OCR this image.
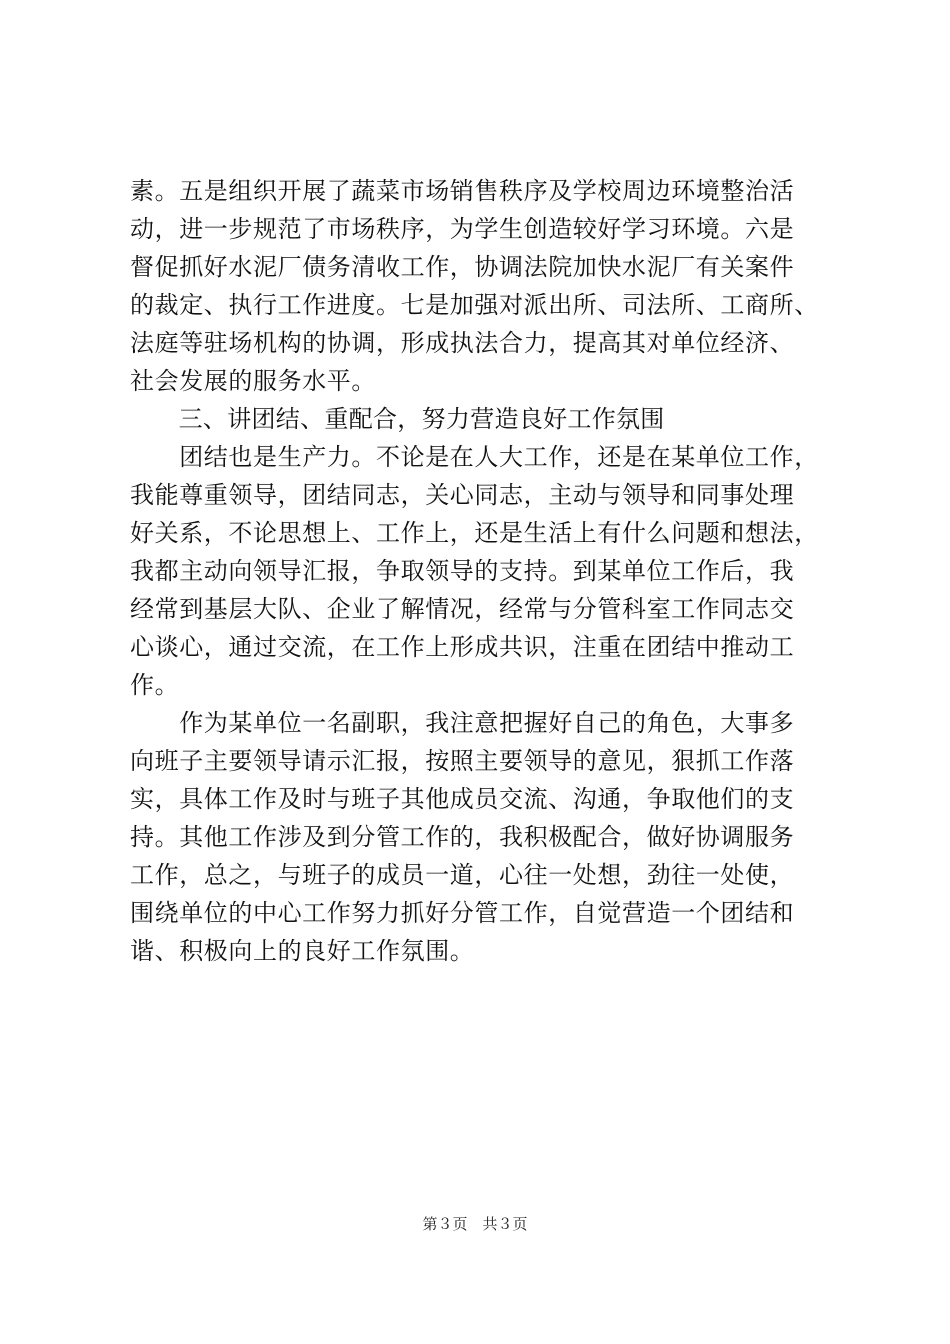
素。五是组织开展了蔬菜市场销售秩序及学校周边环境整治活
动，进一步规范了市场秩序，为学生创造较好学习环境。六是
督促抓好水泥厂债务清收工作，协调法院加快水泥厂有关案件
的裁定、执行工作进度。七是加强对派出所、司法所、工商所、
法庭等驻场机构的协调，形成执法合力，提高其对单位经济、
社会发展的服务水平。
　　三、讲团结、重配合，努力营造良好工作氛围
　　团结也是生产力。不论是在人大工作，还是在某单位工作，
我能尊重领导，团结同志，关心同志，主动与领导和同事处理
好关系，不论思想上、工作上，还是生活上有什么问题和想法，
我都主动向领导汇报，争取领导的支持。到某单位工作后，我
经常到基层大队、企业了解情况，经常与分管科室工作同志交
心谈心，通过交流，在工作上形成共识，注重在团结中推动工
作。
　　作为某单位一名副职，我注意把握好自己的角色，大事多
向班子主要领导请示汇报，按照主要领导的意见，狠抓工作落
实，具体工作及时与班子其他成员交流、沟通，争取他们的支
持。其他工作涉及到分管工作的，我积极配合，做好协调服务
工作，总之，与班子的成员一道，心往一处想，劲往一处使，
围绕单位的中心工作努力抓好分管工作，自觉营造一个团结和
谐、积极向上的良好工作氛围。
第３页　共３页
